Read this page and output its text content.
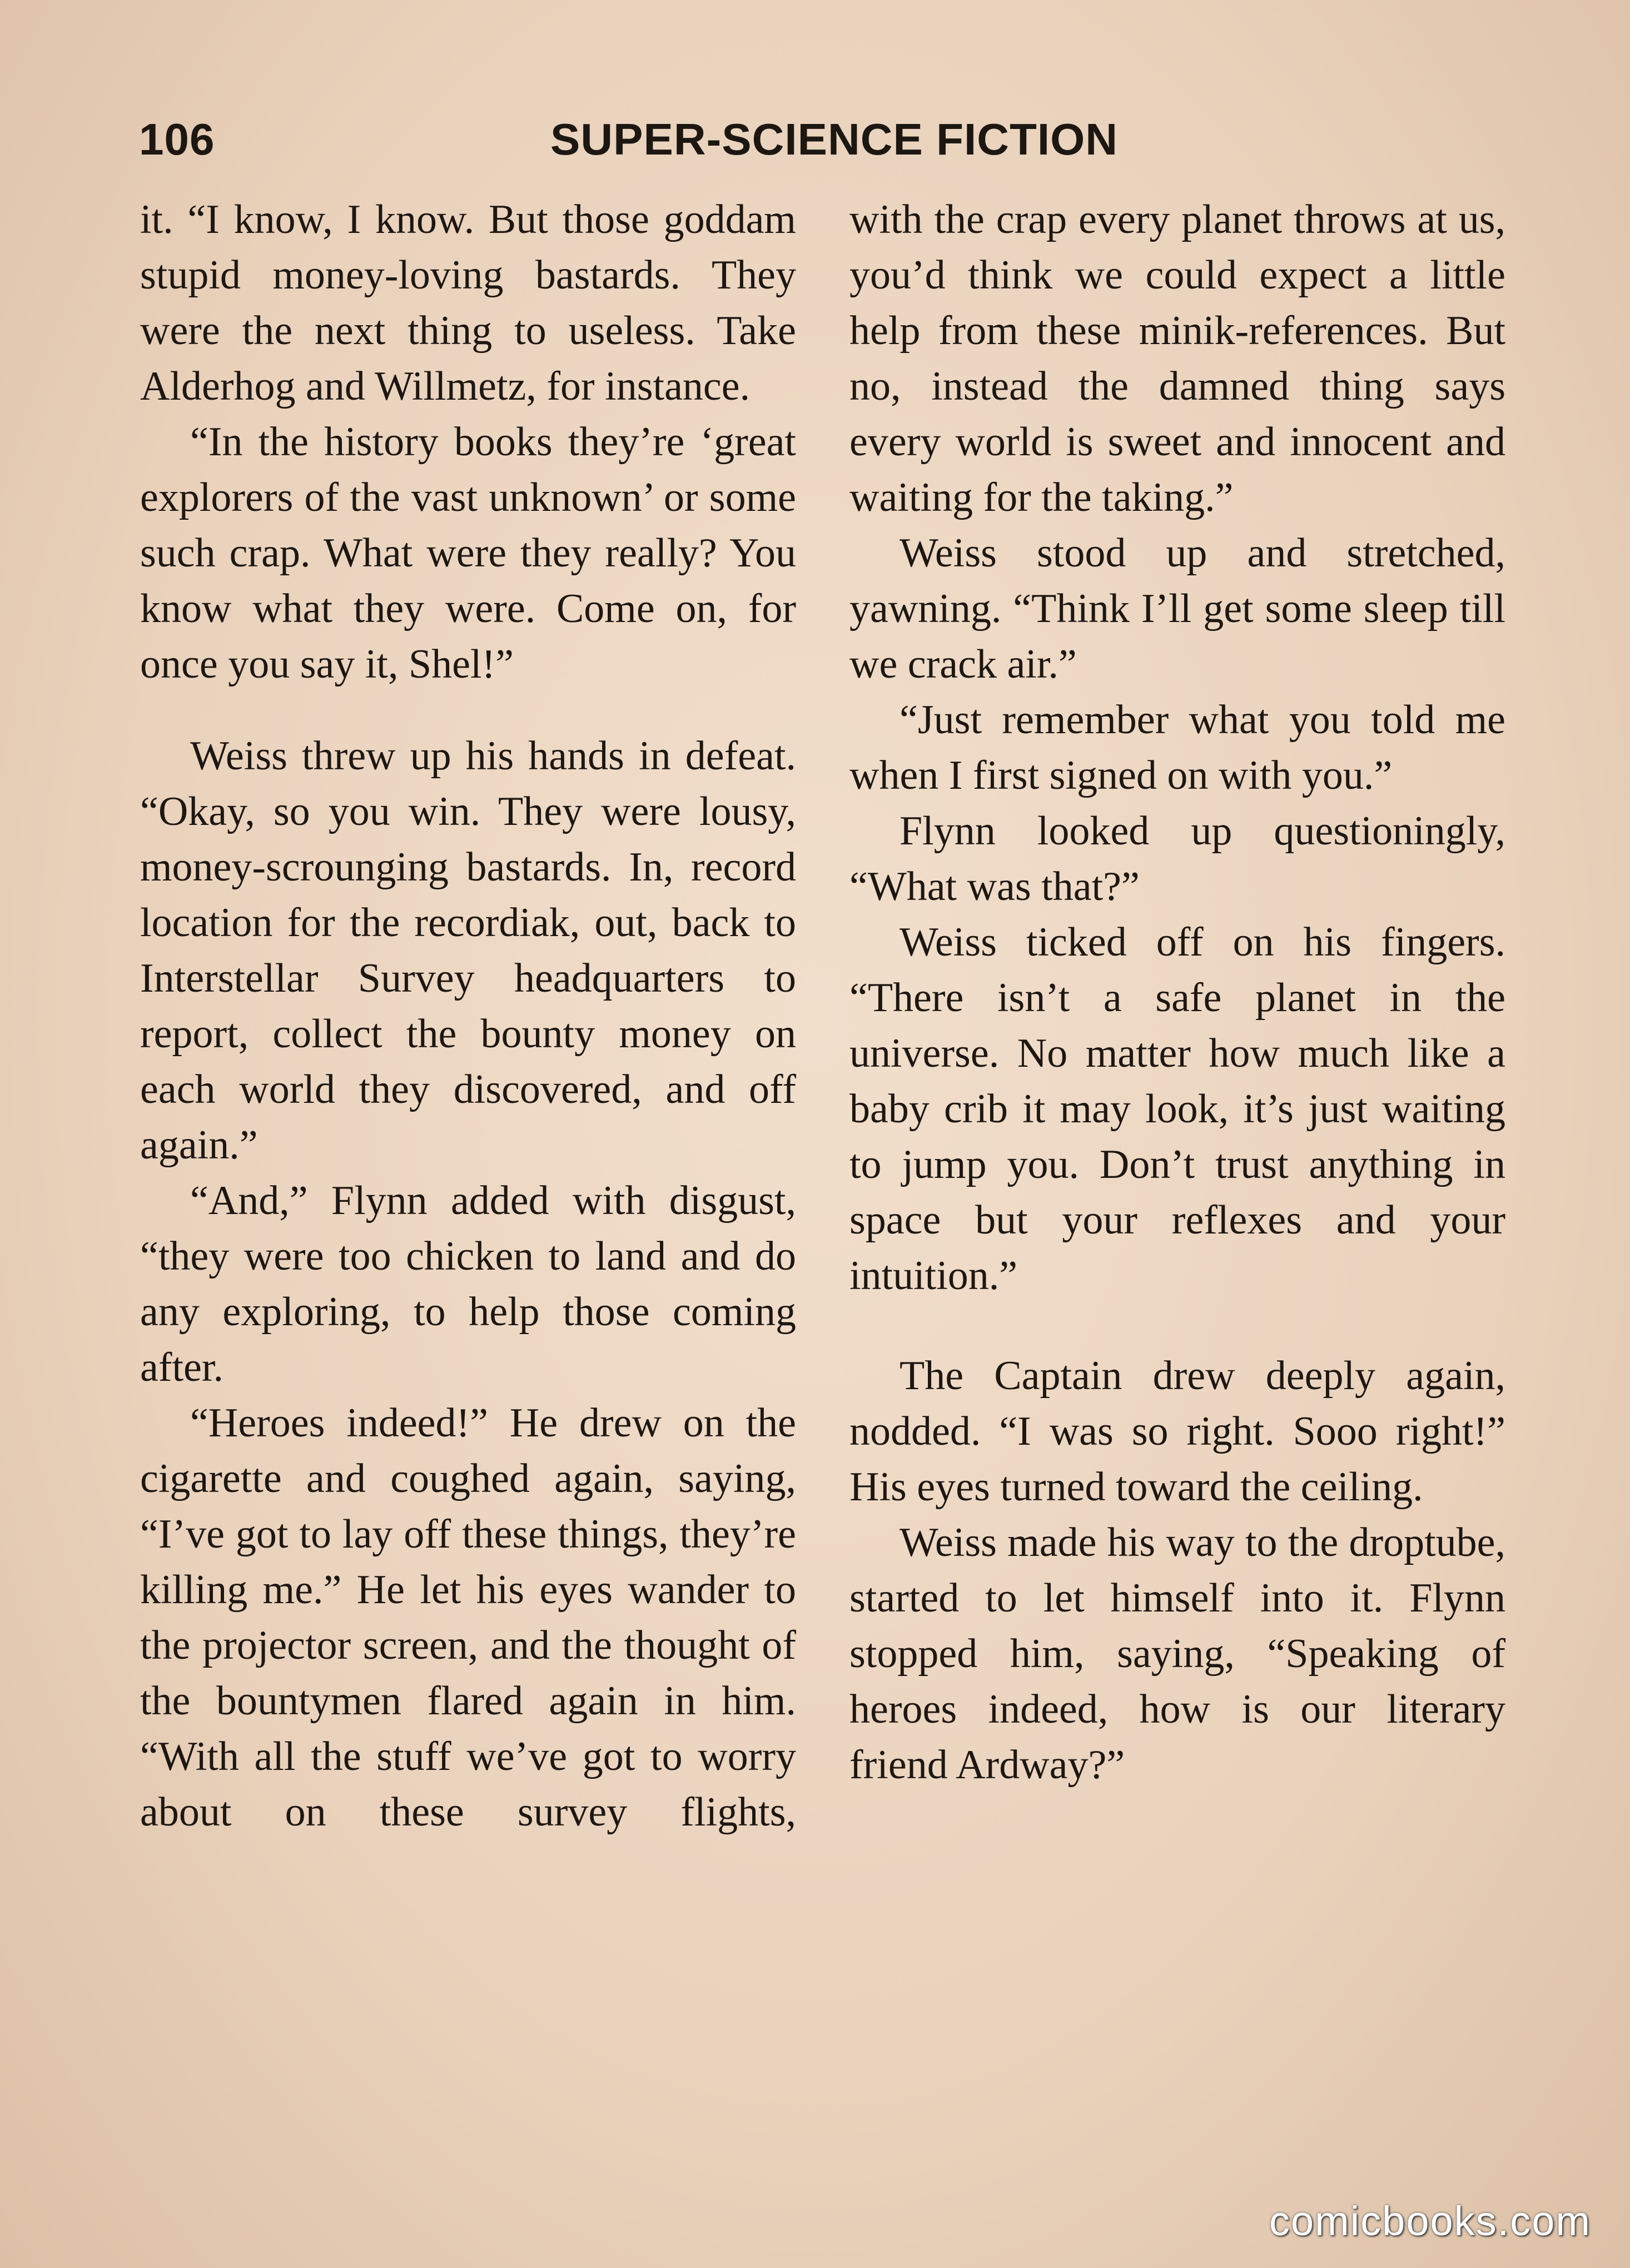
106	SUPER-SCIENCE FICTION

it. “I know, I know. But those goddam stupid money-loving bastards. They were the next thing to useless. Take Alderhog and Willmetz, for instance.

“In the history books they’re ‘great explorers of the vast unknown’ or some such crap. What were they really? You know what they were. Come on, for once you say it, Shel!”

Weiss threw up his hands in defeat. “Okay, so you win. They were lousy, money-scrounging bastards. In, record location for the recordiak, out, back to Interstellar Survey headquarters to report, collect the bounty money on each world they discovered, and off again.”

“And,” Flynn added with disgust, “they were too chicken to land and do any exploring, to help those coming after.

“Heroes indeed!” He drew on the cigarette and coughed again, saying, “I’ve got to lay off these things, they’re killing me.” He let his eyes wander to the projector screen, and the thought of the bountymen flared again in him. “With all the stuff we’ve got to worry about on these survey flights,

with the crap every planet throws at us, you’d think we could expect a little help from these minik-references. But no, instead the damned thing says every world is sweet and innocent and waiting for the taking.”

Weiss stood up and stretched, yawning. “Think I’ll get some sleep till we crack air.”

“Just remember what you told me when I first signed on with you.”

Flynn looked up questioningly, “What was that?”

Weiss ticked off on his fingers. “There isn’t a safe planet in the universe. No matter how much like a baby crib it may look, it’s just waiting to jump you. Don’t trust anything in space but your reflexes and your intuition.”

The Captain drew deeply again, nodded. “I was so right. Sooo right!” His eyes turned toward the ceiling.

Weiss made his way to the droptube, started to let himself into it. Flynn stopped him, saying, “Speaking of heroes indeed, how is our literary friend Ardway?”

comicbooks.com
